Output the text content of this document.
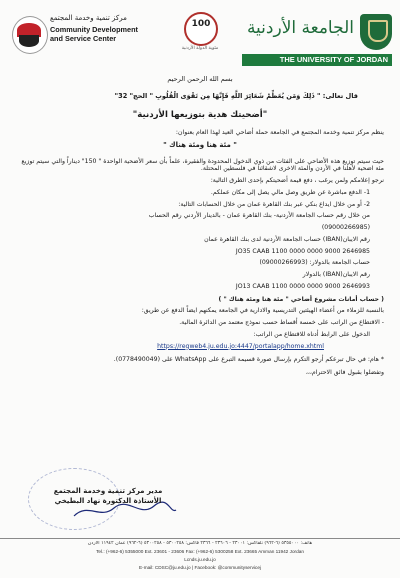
مركز تنمية وخدمة المجتمع
Community Development
and Service Center
100
مئوية الدولة الأردنية
الجامعة الأردنية
THE UNIVERSITY OF JORDAN
بسم الله الرحمن الرحيم
قال تعالى: " ذَلِكَ وَمَن يُعَظِّمْ شَعَائِرَ اللَّهِ فَإِنَّهَا مِن تَقْوَى الْقُلُوبِ " الحج" 32"
"أضحيتك هدية بتوزيعها الأردنية"
ينظم مركز تنمية وخدمة المجتمع في الجامعة حملة أضاحي العيد لهذا العام بعنوان:
" مئة هنا ومئة هناك "
حيث سيتم توزيع هذه الأضاحي على الفئات من ذوي الدخول المحدودة والفقيرة، علماً بأن سعر الأضحية الواحدة " 150" ديناراً والتي سيتم توزيع مئة اضحية لأهلنا في الأردن والمئة الاخرى لاشقائنا في فلسطين المحتلة.
نرجو إعلامكم ولمن يرغب ، دفع قيمة أضحيتكم بإحدى الطرق التالية:
1- الدفع مباشرة عن طريق وصل مالي يصل إلى مكان عملكم.
2- أو من خلال ايداع بنكي عبر بنك القاهرة عمان من خلال الحسابات التالية:
من خلال رقم حساب الجامعة الأردنية- بنك القاهرة عمان - بالدينار الأردني رقم الحساب
(09000266985)
رقم الايبان(IBAN) حساب الجامعة الأردنية لدى بنك القاهرة عمان
JO35 CAAB 1100 0000 0000 9000 2646985
حساب الجامعة بالدولار: (09000266993)
رقم الايبان(IBAN) بالدولار
JO13 CAAB 1100 0000 0000 9000 2646993
( حساب أمانات مشروع أضاحي " مئة هنا ومئة هناك " )
بالنسبة للزملاء من أعضاء الهيئتين التدريسية والادارية في الجامعة يمكنهم ايضاً الدفع عن طريق:
- الاقتطاع من الراتب على خمسة أقساط حسب نموذج معتمد من الدائرة المالية.
الدخول على الرابط أدناه للاقتطاع من الراتب:
https://regweb4.ju.edu.jo:4447/portalapp/home.xhtml
* هام: في حال تبرعكم أرجو التكرم بإرسال صورة قسيمة التبرع على WhatsApp على (0778490049).
وتفضلوا بقبول فائق الاحترام،،،
مدير مركز تنمية وخدمة المجتمع
الأستاذة الدكتورة نهاد البطيخي
هاتف: ٥٣٥٥٠٠٠ (٦-٩٦٢) تلفاكس: ٢٣٠٠١ - ٢٣٦٠٦ - ٢٣٦٦ فاكس: ٥٣٠٠٢٥٨ - ٥٣٠٠٢٥٨ (٦-٩٦٢) عمان ١١٩٤٢ الأردن
Tel.: (+962-6) 5355000 Ext. 23601 - 23606 Fax: (+962-6) 5300258 Ext. 23665 Amman 11942 Jordan
Lcnds.ju.edu.jo
E-mail: CDSC@ju.edu.jo | Facebook: @communityservicej
